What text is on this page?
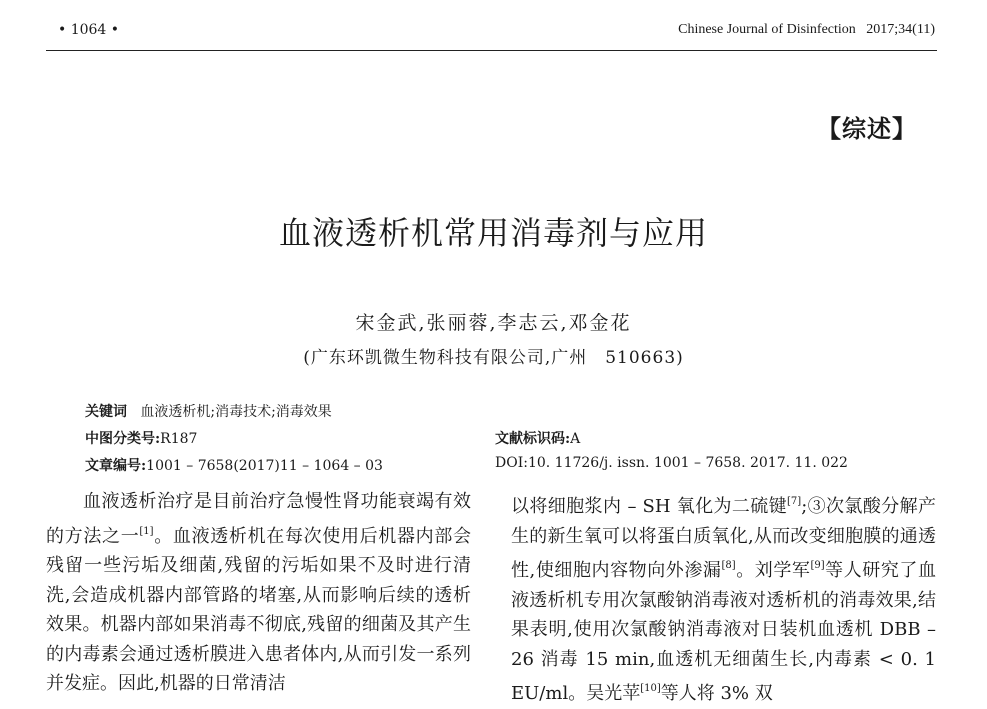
• 1064 •	Chinese Journal of Disinfection 2017;34(11)
【综述】
血液透析机常用消毒剂与应用
宋金武,张丽蓉,李志云,邓金花
(广东环凯微生物科技有限公司,广州　510663)
关键词 血液透析机;消毒技术;消毒效果
中图分类号:R187	文献标识码:A
文章编号:1001 – 7658(2017)11 – 1064 – 03	DOI:10. 11726/j. issn. 1001 – 7658. 2017. 11. 022

　　血液透析治疗是目前治疗急慢性肾功能衰竭有效的方法之一[1]。血液透析机在每次使用后机器内部会残留一些污垢及细菌,残留的污垢如果不及时进行清洗,会造成机器内部管路的堵塞,从而影响后续的透析效果。机器内部如果消毒不彻底,残留的细菌及其产生的内毒素会通过透析膜进入患者体内,从而引发一系列并发症。因此,机器的日常清洁

以将细胞浆内 – SH 氧化为二硫键[7];③次氯酸分解产生的新生氧可以将蛋白质氧化,从而改变细胞膜的通透性,使细胞内容物向外渗漏[8]。刘学军[9]等人研究了血液透析机专用次氯酸钠消毒液对透析机的消毒效果,结果表明,使用次氯酸钠消毒液对日装机血透机 DBB – 26 消毒 15 min,血透机无细菌生长,内毒素 < 0. 1 EU/ml。吴光苹[10]等人将 3% 双
